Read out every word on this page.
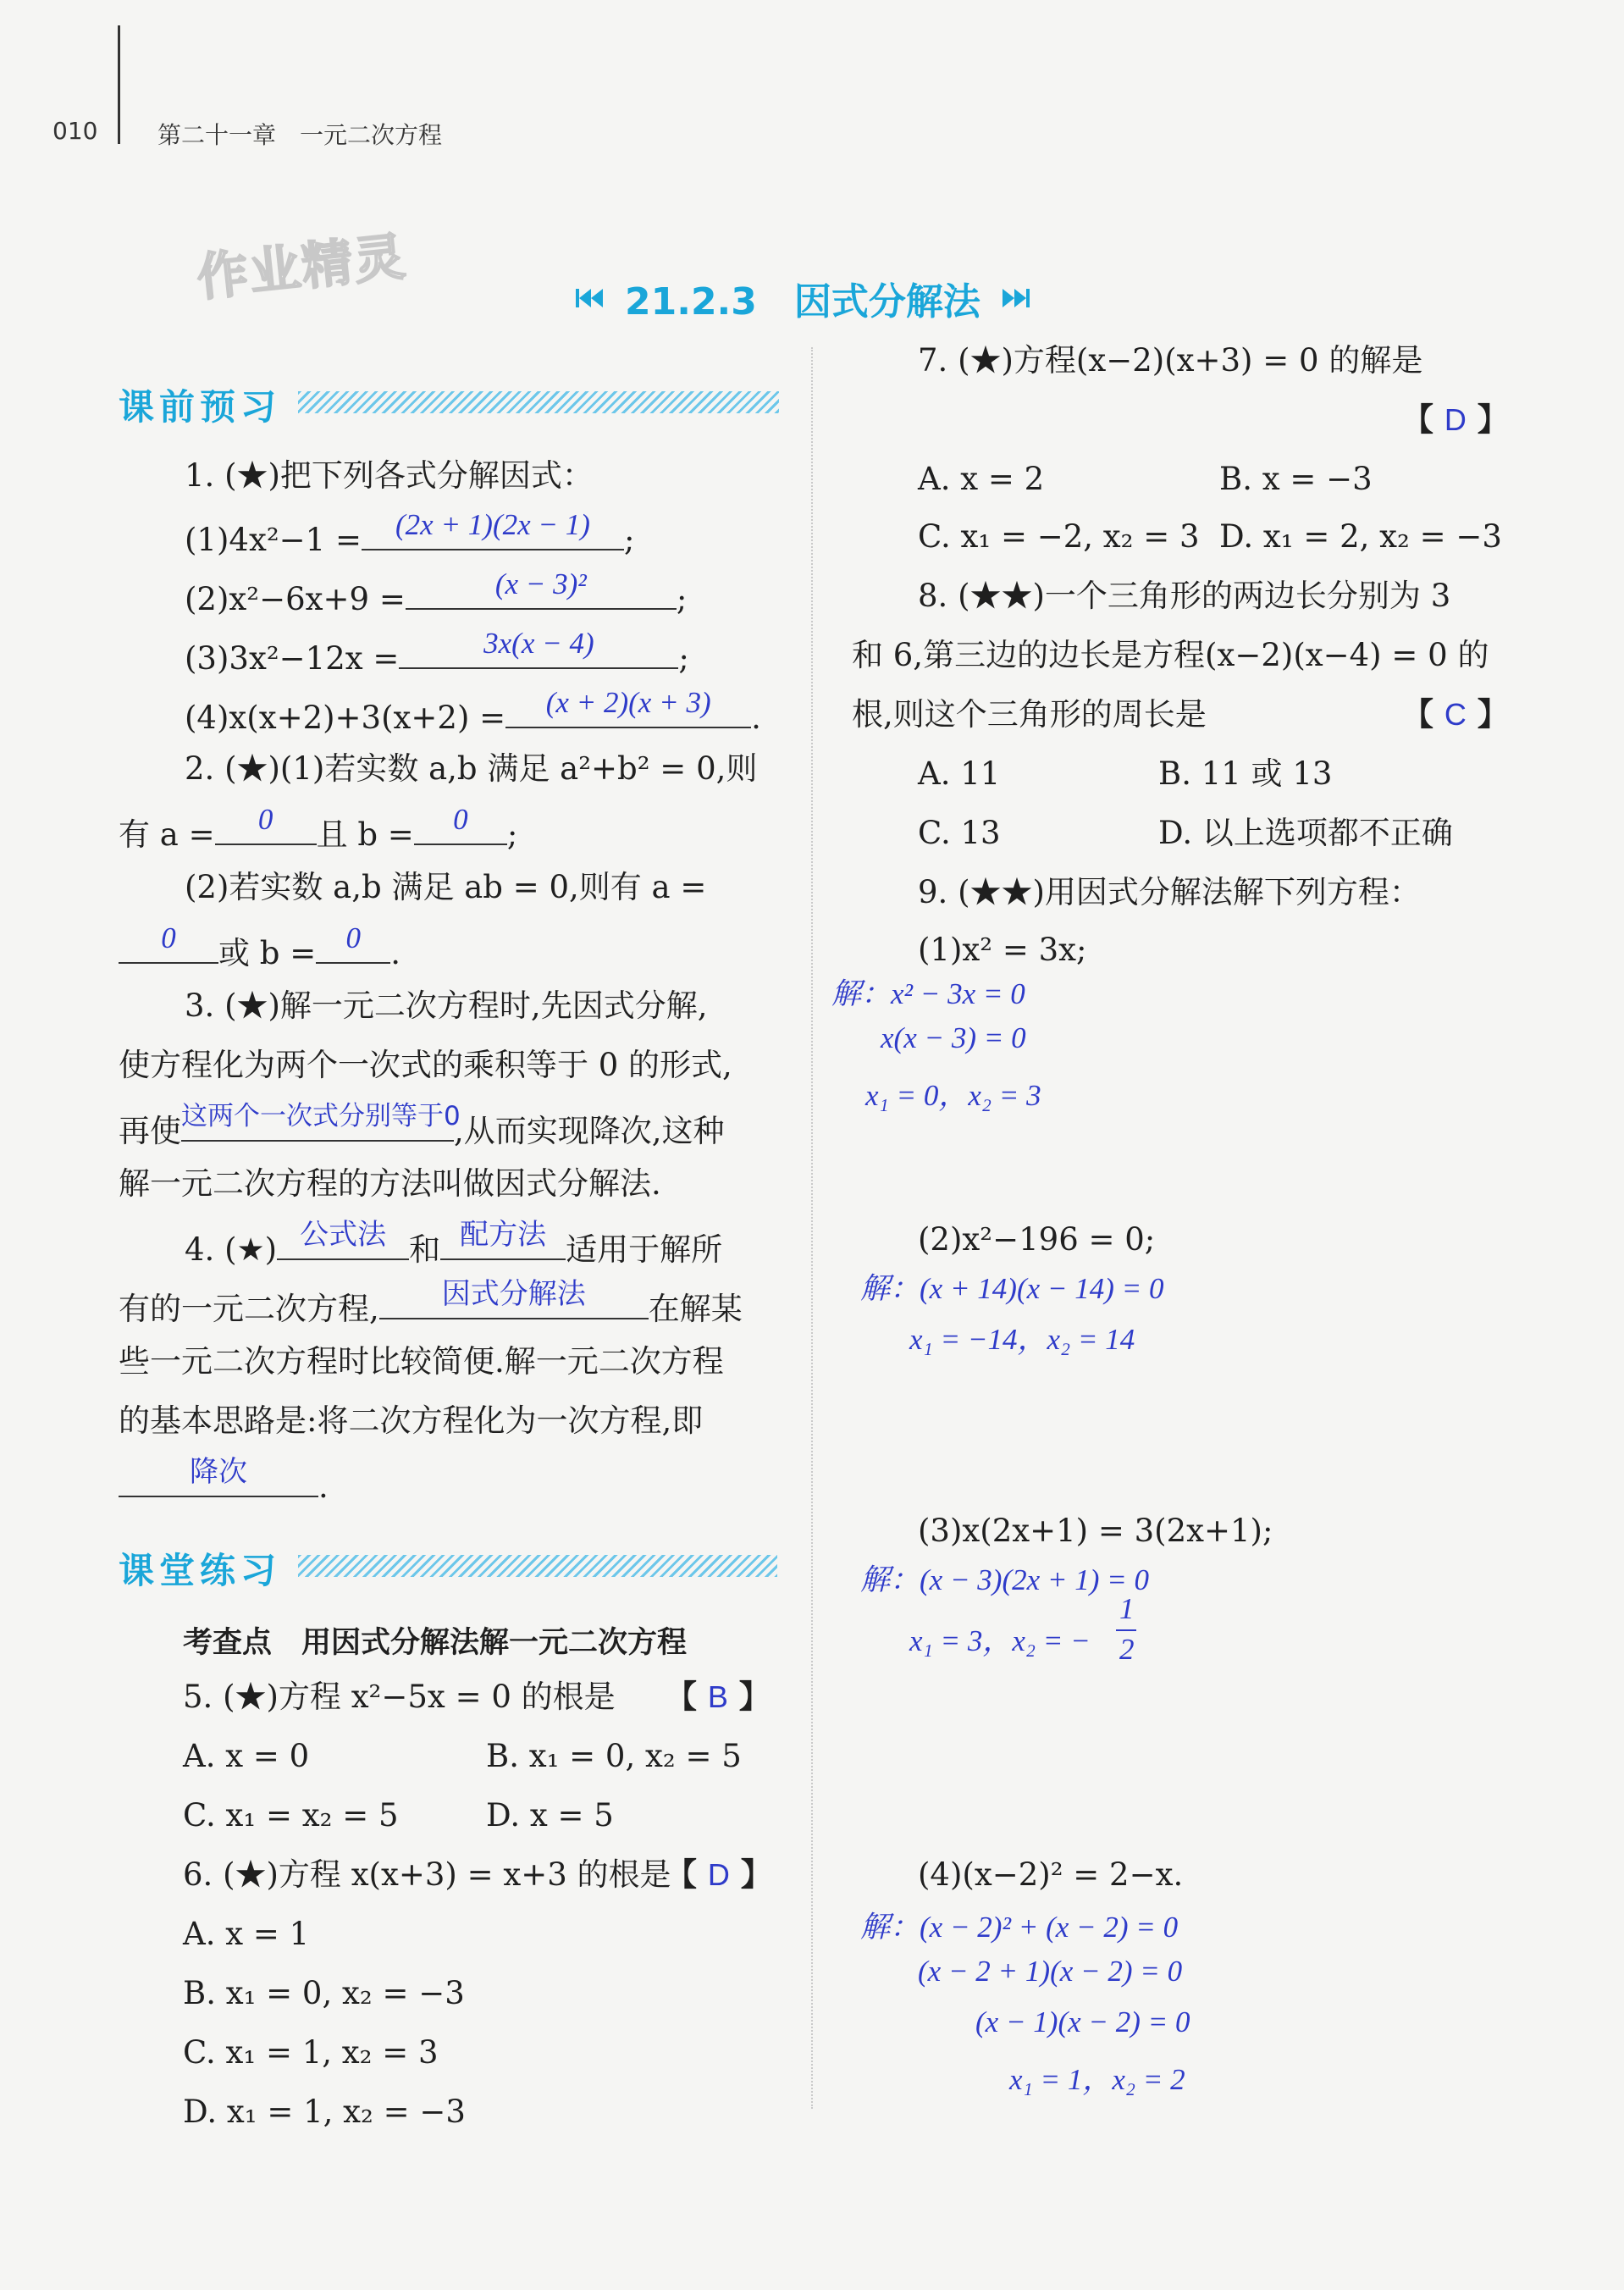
010	第二十一章　一元二次方程
作业精灵	21.2.3　因式分解法
课前预习
1. (★)把下列各式分解因式：
(1)4x²−1 =	(2x + 1)(2x − 1)	;
(2)x²−6x+9 =	(x − 3)²	;
(3)3x²−12x =	3x(x − 4)	;
(4)x(x+2)+3(x+2) =	(x + 2)(x + 3)	.
2. (★)(1)若实数 a,b 满足 a²+b² = 0,则
有 a =	0	且 b =	0	;
(2)若实数 a,b 满足 ab = 0,则有 a =
0	或 b =	0 .
3. (★)解一元二次方程时,先因式分解,
使方程化为两个一次式的乘积等于 0 的形式,
再使 这两个一次式分别等于0
,从而实现降次,这种
解一元二次方程的方法叫做因式分解法.
4. (★) 公式法 和 配方法 适用于解所
有的一元二次方程,	因式分解法	在解某
些一元二次方程时比较简便.解一元二次方程
的基本思路是:将二次方程化为一次方程,即
降次	.
课堂练习
考查点　用因式分解法解一元二次方程
5. (★)方程 x²−5x = 0 的根是 【 B 】
A. x = 0	B. x₁ = 0, x₂ = 5
C. x₁ = x₂ = 5	D. x = 5
6. (★)方程 x(x+3) = x+3 的根是
【 D 】
A. x = 1
B. x₁ = 0, x₂ = −3
C. x₁ = 1, x₂ = 3
D. x₁ = 1, x₂ = −3
7. (★)方程(x−2)(x+3) = 0 的解是
【 D 】
A. x = 2	B. x = −3
C. x₁ = −2, x₂ = 3 D. x₁ = 2, x₂ = −3
8. (★★)一个三角形的两边长分别为 3
和 6,第三边的边长是方程(x−2)(x−4) = 0 的
根,则这个三角形的周长是	【 C 】
A. 11	B. 11 或 13
C. 13	D. 以上选项都不正确
9. (★★)用因式分解法解下列方程：
(1)x² = 3x;
解：x² − 3x = 0
x(x − 3) = 0
x₁ = 0，x₂ = 3
(2)x²−196 = 0;
解：(x + 14)(x − 14) = 0
x₁ = −14，x₂ = 14
(3)x(2x+1) = 3(2x+1);
解：(x − 3)(2x + 1) = 0
x₁ = 3，x₂ = −
1
2
(4)(x−2)² = 2−x.
解：(x − 2)² + (x − 2) = 0
(x − 2 + 1)(x − 2) = 0
(x − 1)(x − 2) = 0
x₁ = 1，x₂ = 2
